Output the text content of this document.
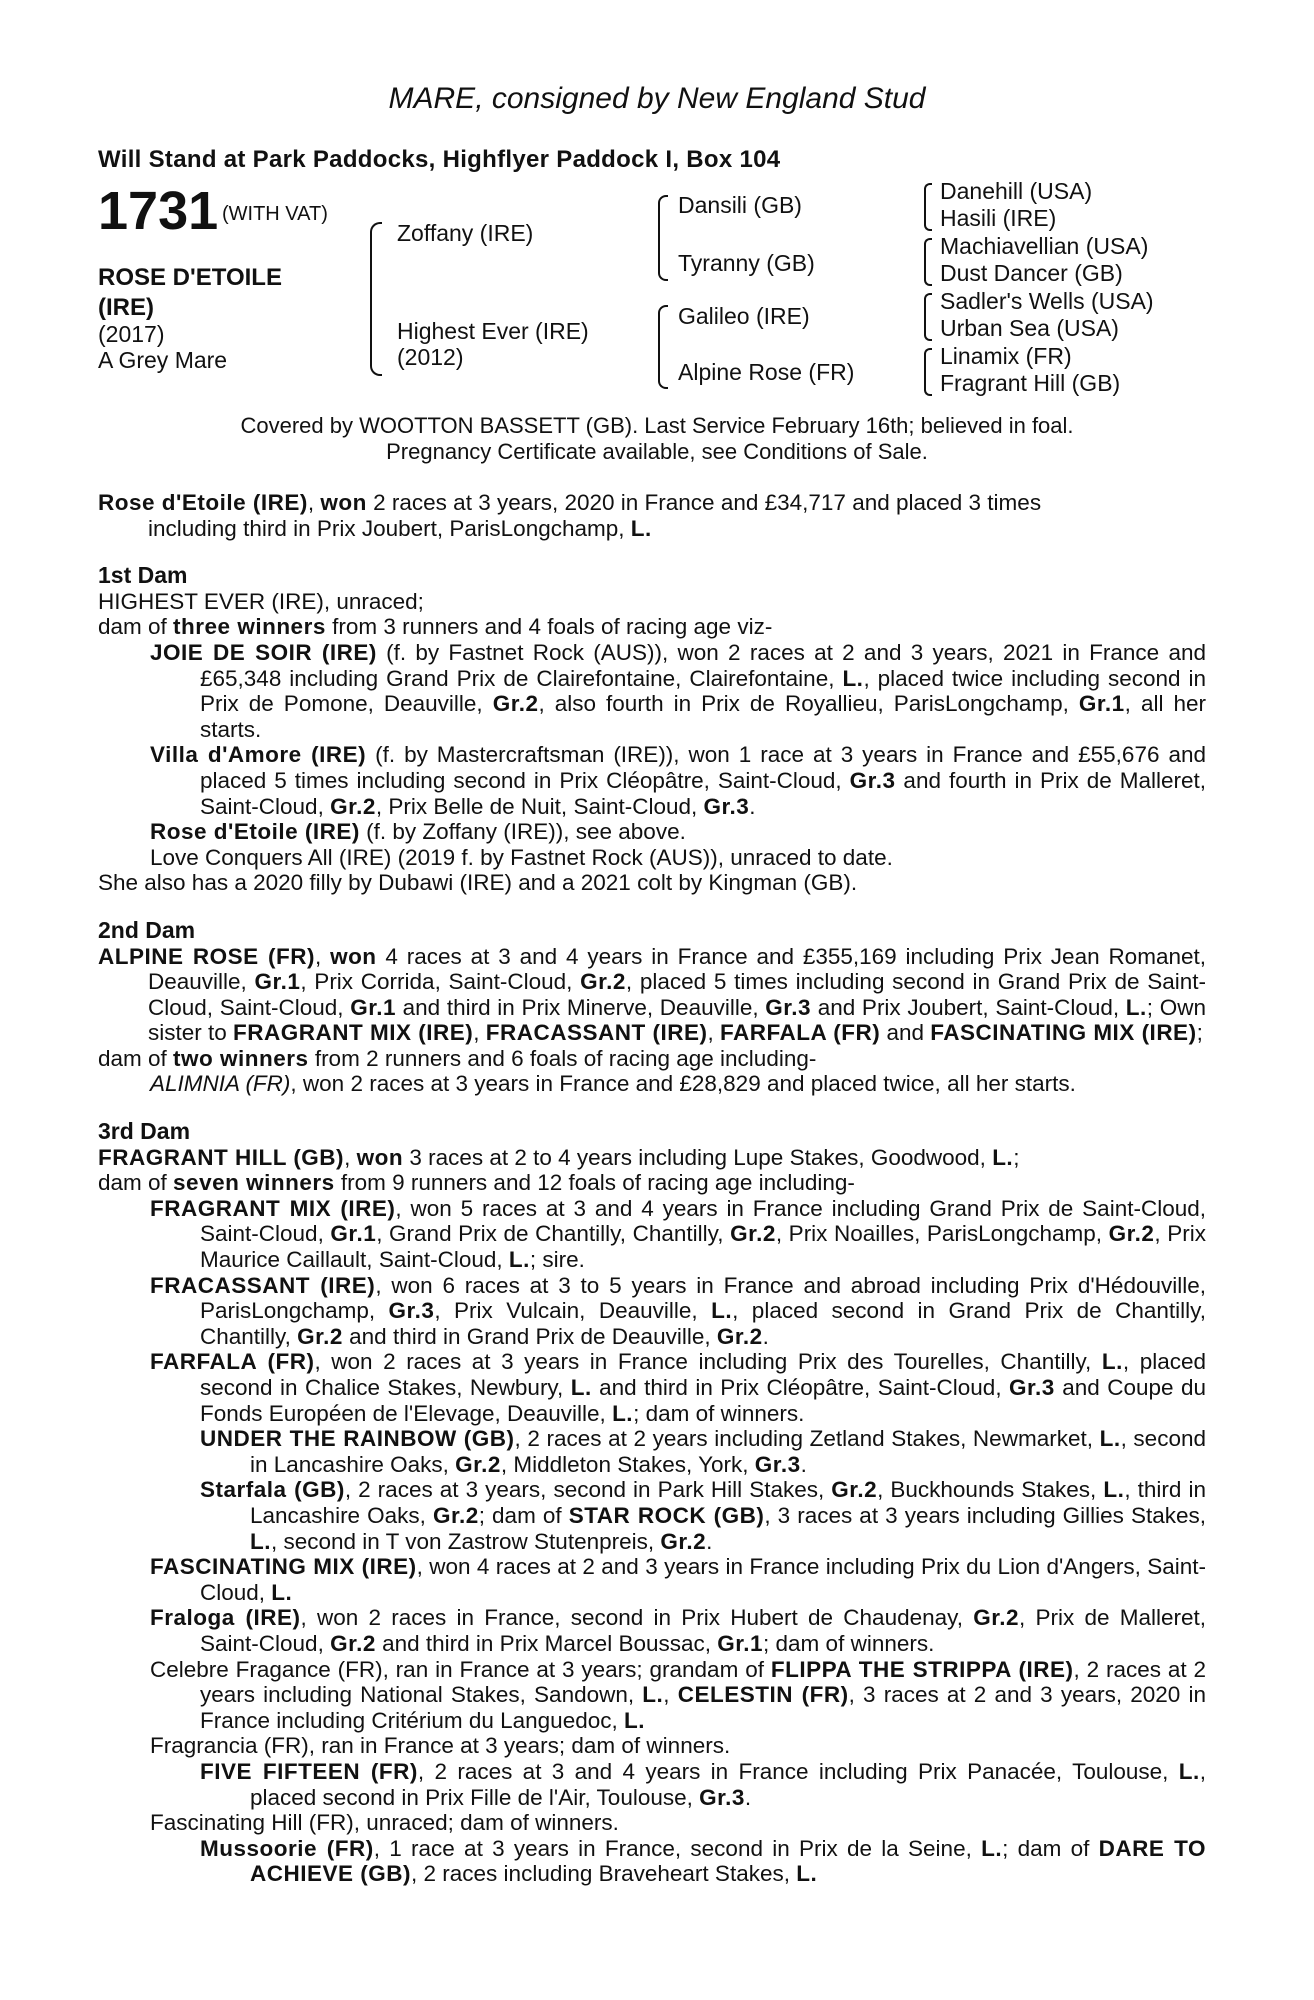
MARE, consigned by New England Stud
Will Stand at Park Paddocks, Highflyer Paddock I, Box 104
1731 (WITH VAT)
ROSE D'ETOILE
(IRE)
(2017)
A Grey Mare
Zoffany (IRE)
Highest Ever (IRE)
(2012)
Dansili (GB)
Tyranny (GB)
Galileo (IRE)
Alpine Rose (FR)
Danehill (USA)
Hasili (IRE)
Machiavellian (USA)
Dust Dancer (GB)
Sadler's Wells (USA)
Urban Sea (USA)
Linamix (FR)
Fragrant Hill (GB)
Covered by WOOTTON BASSETT (GB). Last Service February 16th; believed in foal.
Pregnancy Certificate available, see Conditions of Sale.

Rose d'Etoile (IRE), won 2 races at 3 years, 2020 in France and £34,717 and placed 3 times
including third in Prix Joubert, ParisLongchamp, L.

1st Dam

HIGHEST EVER (IRE), unraced;

dam of three winners from 3 runners and 4 foals of racing age viz-

JOIE DE SOIR (IRE) (f. by Fastnet Rock (AUS)), won 2 races at 2 and 3 years, 2021 in France and £65,348 including Grand Prix de Clairefontaine, Clairefontaine, L., placed twice including second in Prix de Pomone, Deauville, Gr.2, also fourth in Prix de Royallieu, ParisLongchamp, Gr.1, all her starts.

Villa d'Amore (IRE) (f. by Mastercraftsman (IRE)), won 1 race at 3 years in France and £55,676 and placed 5 times including second in Prix Cléopâtre, Saint-Cloud, Gr.3 and fourth in Prix de Malleret, Saint-Cloud, Gr.2, Prix Belle de Nuit, Saint-Cloud, Gr.3.

Rose d'Etoile (IRE) (f. by Zoffany (IRE)), see above.

Love Conquers All (IRE) (2019 f. by Fastnet Rock (AUS)), unraced to date.

She also has a 2020 filly by Dubawi (IRE) and a 2021 colt by Kingman (GB).

2nd Dam

ALPINE ROSE (FR), won 4 races at 3 and 4 years in France and £355,169 including Prix Jean Romanet, Deauville, Gr.1, Prix Corrida, Saint-Cloud, Gr.2, placed 5 times including second in Grand Prix de Saint-Cloud, Saint-Cloud, Gr.1 and third in Prix Minerve, Deauville, Gr.3 and Prix Joubert, Saint-Cloud, L.; Own sister to FRAGRANT MIX (IRE), FRACASSANT (IRE), FARFALA (FR) and FASCINATING MIX (IRE);

dam of two winners from 2 runners and 6 foals of racing age including-

ALIMNIA (FR), won 2 races at 3 years in France and £28,829 and placed twice, all her starts.

3rd Dam

FRAGRANT HILL (GB), won 3 races at 2 to 4 years including Lupe Stakes, Goodwood, L.;

dam of seven winners from 9 runners and 12 foals of racing age including-

FRAGRANT MIX (IRE), won 5 races at 3 and 4 years in France including Grand Prix de Saint-Cloud, Saint-Cloud, Gr.1, Grand Prix de Chantilly, Chantilly, Gr.2, Prix Noailles, ParisLongchamp, Gr.2, Prix Maurice Caillault, Saint-Cloud, L.; sire.

FRACASSANT (IRE), won 6 races at 3 to 5 years in France and abroad including Prix d'Hédouville, ParisLongchamp, Gr.3, Prix Vulcain, Deauville, L., placed second in Grand Prix de Chantilly, Chantilly, Gr.2 and third in Grand Prix de Deauville, Gr.2.

FARFALA (FR), won 2 races at 3 years in France including Prix des Tourelles, Chantilly, L., placed second in Chalice Stakes, Newbury, L. and third in Prix Cléopâtre, Saint-Cloud, Gr.3 and Coupe du Fonds Européen de l'Elevage, Deauville, L.; dam of winners.

UNDER THE RAINBOW (GB), 2 races at 2 years including Zetland Stakes, Newmarket, L., second in Lancashire Oaks, Gr.2, Middleton Stakes, York, Gr.3.

Starfala (GB), 2 races at 3 years, second in Park Hill Stakes, Gr.2, Buckhounds Stakes, L., third in Lancashire Oaks, Gr.2; dam of STAR ROCK (GB), 3 races at 3 years including Gillies Stakes, L., second in T von Zastrow Stutenpreis, Gr.2.

FASCINATING MIX (IRE), won 4 races at 2 and 3 years in France including Prix du Lion d'Angers, Saint-Cloud, L.

Fraloga (IRE), won 2 races in France, second in Prix Hubert de Chaudenay, Gr.2, Prix de Malleret, Saint-Cloud, Gr.2 and third in Prix Marcel Boussac, Gr.1; dam of winners.

Celebre Fragance (FR), ran in France at 3 years; grandam of FLIPPA THE STRIPPA (IRE), 2 races at 2 years including National Stakes, Sandown, L., CELESTIN (FR), 3 races at 2 and 3 years, 2020 in France including Critérium du Languedoc, L.

Fragrancia (FR), ran in France at 3 years; dam of winners.

FIVE FIFTEEN (FR), 2 races at 3 and 4 years in France including Prix Panacée, Toulouse, L., placed second in Prix Fille de l'Air, Toulouse, Gr.3.

Fascinating Hill (FR), unraced; dam of winners.

Mussoorie (FR), 1 race at 3 years in France, second in Prix de la Seine, L.; dam of DARE TO ACHIEVE (GB), 2 races including Braveheart Stakes, L.
